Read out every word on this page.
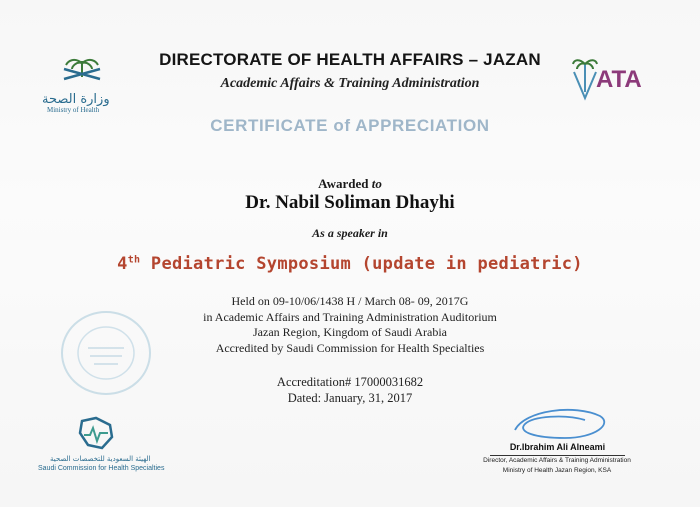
وزارة الصحة
Ministry of Health
ATA
DIRECTORATE OF HEALTH AFFAIRS – JAZAN
Academic Affairs & Training Administration
CERTIFICATE of APPRECIATION
Awarded to
Dr. Nabil Soliman Dhayhi
As a speaker in
4th Pediatric Symposium (update in pediatric)
Held on 09-10/06/1438 H / March 08- 09, 2017G
in Academic Affairs and Training Administration Auditorium
Jazan Region, Kingdom of Saudi Arabia
Accredited by Saudi Commission for Health Specialties
Accreditation# 17000031682
Dated: January, 31, 2017
الهيئة السعودية للتخصصات الصحية
Saudi Commission for Health Specialties
Dr.Ibrahim Ali Alneami
Director, Academic Affairs & Training Administration
Ministry of Health Jazan Region, KSA
